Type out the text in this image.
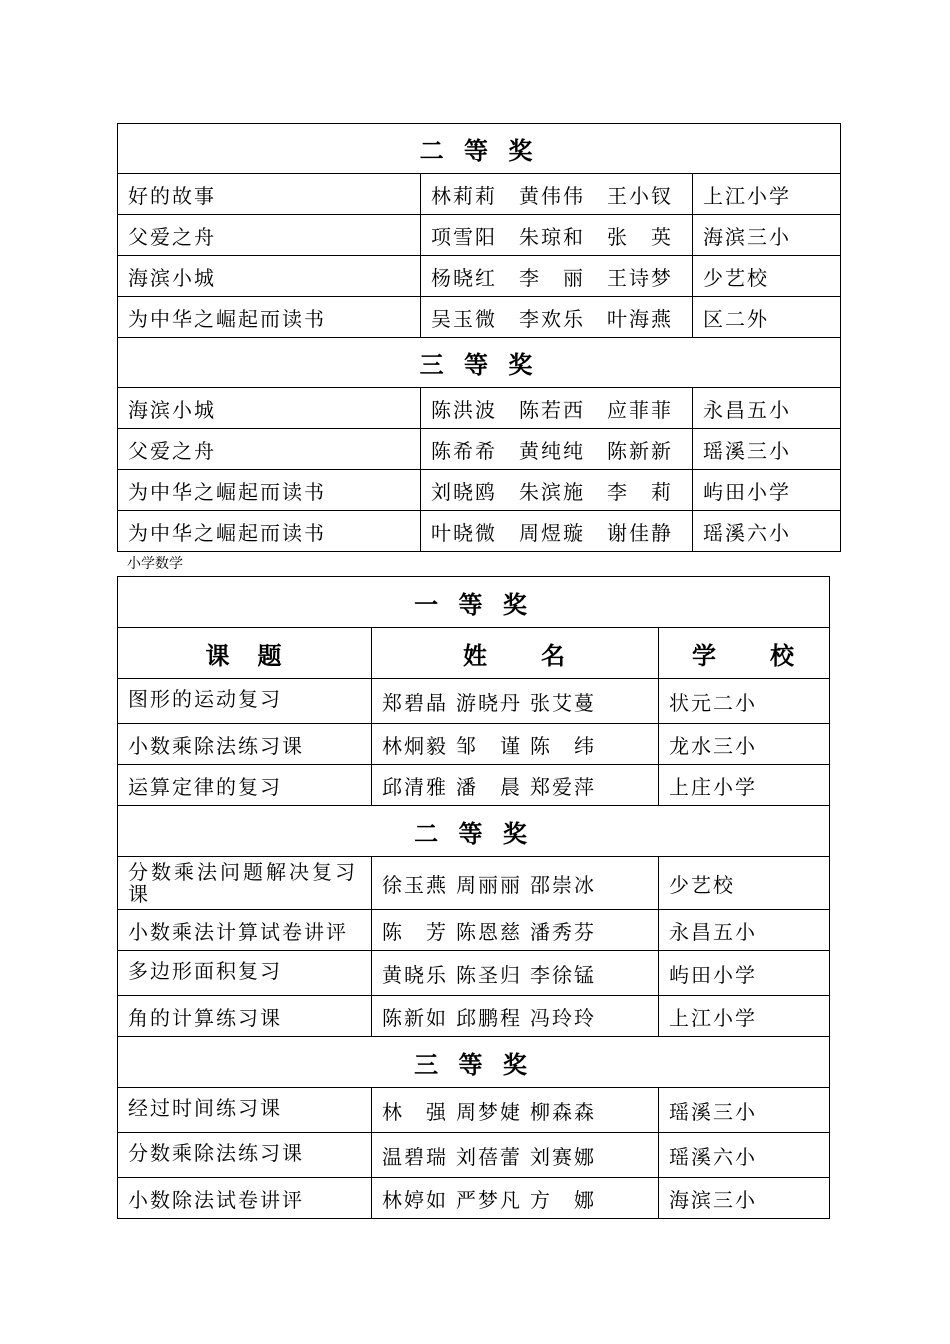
二 等 奖		
好的故事	林莉莉 黄伟伟 王小钗	上江小学
父爱之舟	项雪阳 朱琼和 张　英	海滨三小
海滨小城	杨晓红 李　丽 王诗梦	少艺校
为中华之崛起而读书	吴玉微 李欢乐 叶海燕	区二外
三 等 奖		
海滨小城	陈洪波 陈若西 应菲菲	永昌五小
父爱之舟	陈希希 黄纯纯 陈新新	瑶溪三小
为中华之崛起而读书	刘晓鸥 朱滨施 李　莉	屿田小学
为中华之崛起而读书	叶晓微 周煜璇 谢佳静	瑶溪六小
小学数学
一 等 奖		
课　题	姓　　名	学　　校
图形的运动复习	郑碧晶 游晓丹 张艾蔓	状元二小
小数乘除法练习课	林炯毅 邹　谨 陈　纬	龙水三小
运算定律的复习	邱清雅 潘　晨 郑爱萍	上庄小学
二 等 奖		
分数乘法问题解决复习课	徐玉燕 周丽丽 邵崇冰	少艺校
小数乘法计算试卷讲评	陈　芳 陈恩慈 潘秀芬	永昌五小
多边形面积复习	黄晓乐 陈圣归 李徐锰	屿田小学
角的计算练习课	陈新如 邱鹏程 冯玲玲	上江小学
三 等 奖		
经过时间练习课	林　强 周梦婕 柳森森	瑶溪三小
分数乘除法练习课	温碧瑞 刘蓓蕾 刘赛娜	瑶溪六小
小数除法试卷讲评	林婷如 严梦凡 方　娜	海滨三小
